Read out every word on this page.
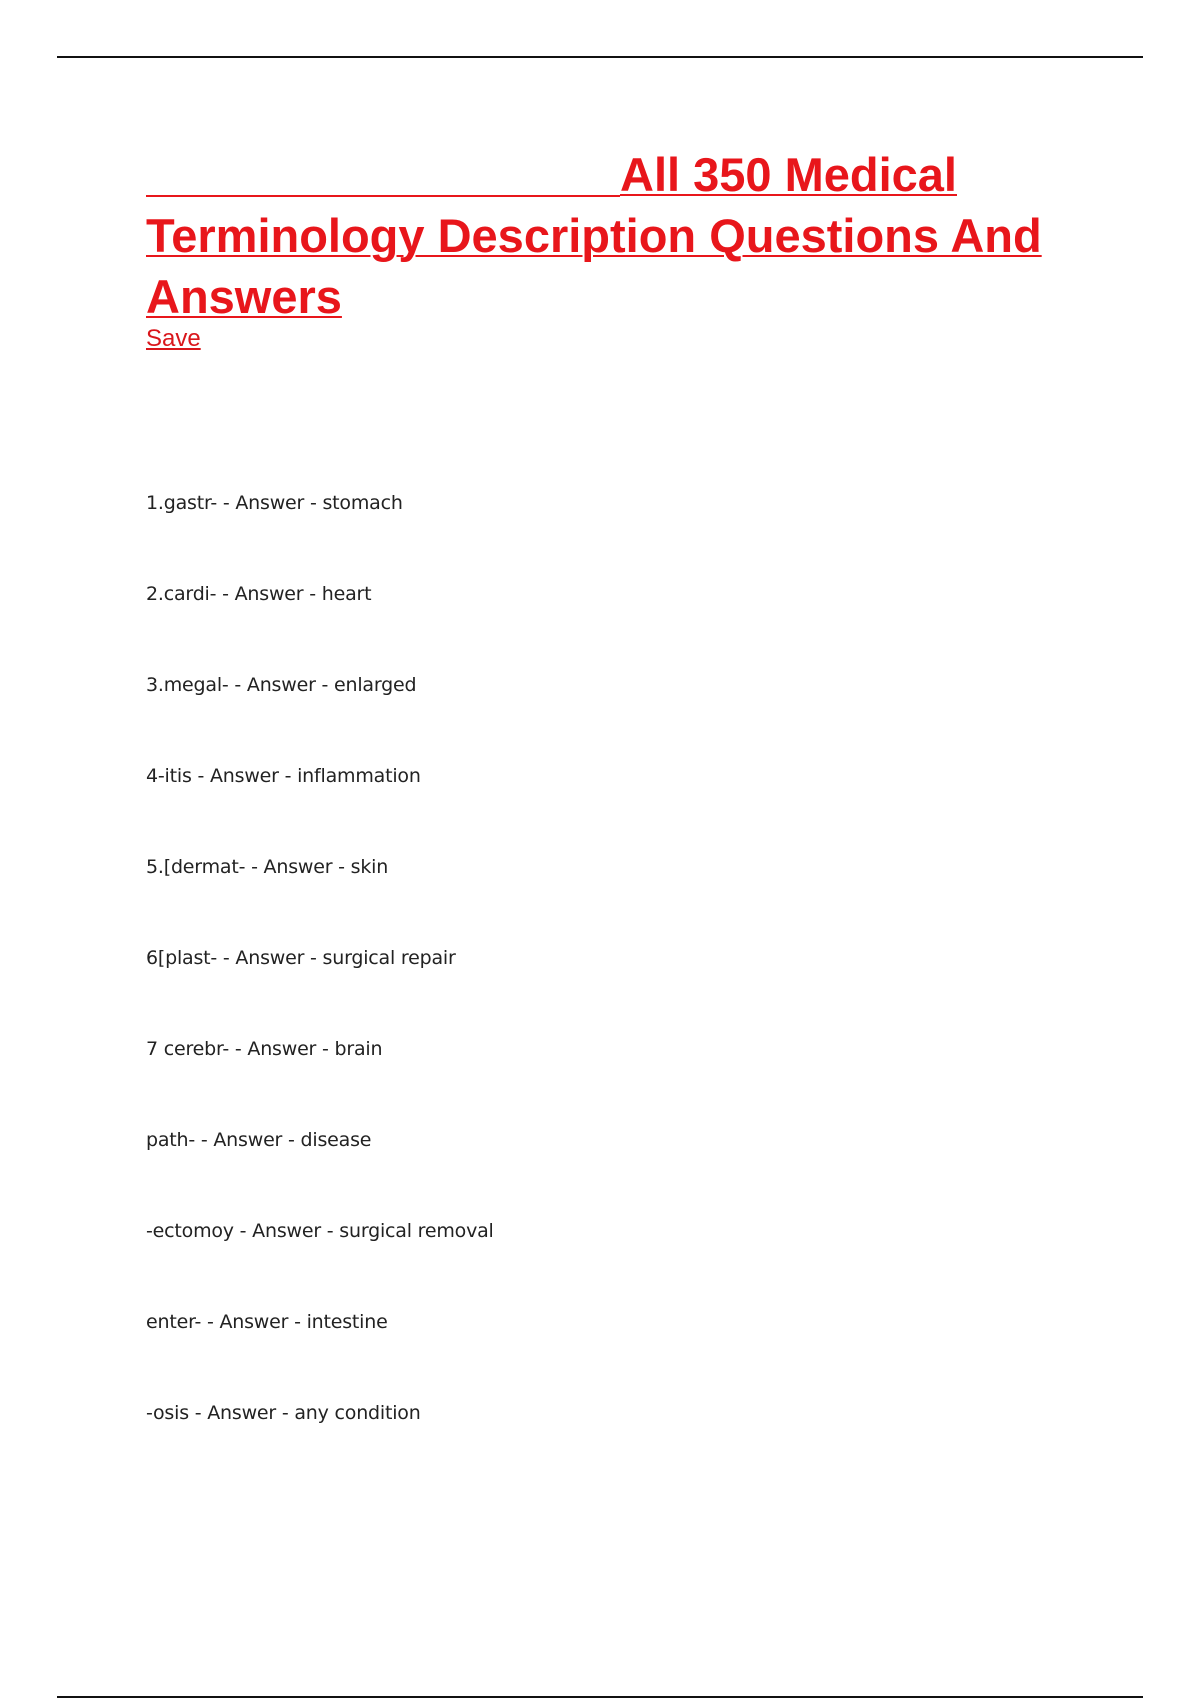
All 350 Medical Terminology Description Questions And Answers
Save
1.gastr- - Answer - stomach
2.cardi- - Answer - heart
3.megal- - Answer - enlarged
4-itis - Answer - inflammation
5.[dermat- - Answer - skin
6[plast- - Answer - surgical repair
7 cerebr- - Answer - brain
path- - Answer - disease
-ectomoy - Answer - surgical removal
enter- - Answer - intestine
-osis - Answer - any condition
